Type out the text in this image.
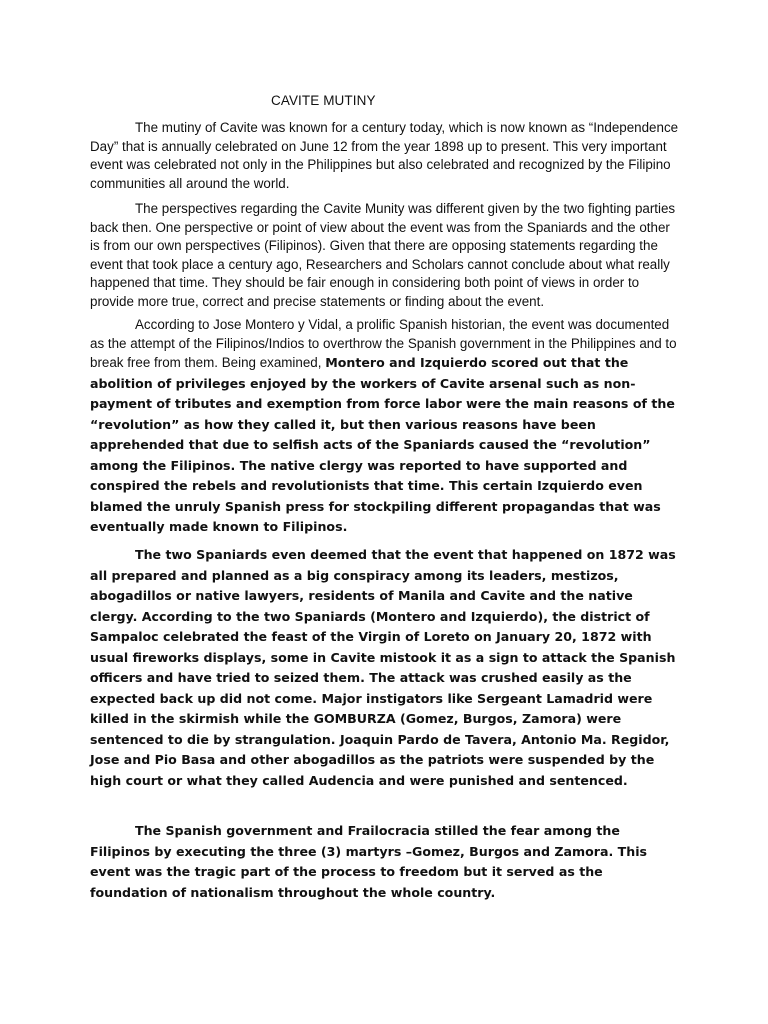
CAVITE MUTINY

The mutiny of Cavite was known for a century today, which is now known as “Independence Day” that is annually celebrated on June 12 from the year 1898 up to present. This very important event was celebrated not only in the Philippines but also celebrated and recognized by the Filipino communities all around the world.

The perspectives regarding the Cavite Munity was different given by the two fighting parties back then. One perspective or point of view about the event was from the Spaniards and the other is from our own perspectives (Filipinos). Given that there are opposing statements regarding the event that took place a century ago, Researchers and Scholars cannot conclude about what really happened that time. They should be fair enough in considering both point of views in order to provide more true, correct and precise statements or finding about the event.

According to Jose Montero y Vidal, a prolific Spanish historian, the event was documented as the attempt of the Filipinos/Indios to overthrow the Spanish government in the Philippines and to break free from them. Being examined, Montero and Izquierdo scored out that the abolition of privileges enjoyed by the workers of Cavite arsenal such as non-payment of tributes and exemption from force labor were the main reasons of the “revolution” as how they called it, but then various reasons have been apprehended that due to selfish acts of the Spaniards caused the “revolution” among the Filipinos. The native clergy was reported to have supported and conspired the rebels and revolutionists that time. This certain Izquierdo even blamed the unruly Spanish press for stockpiling different propagandas that was eventually made known to Filipinos.

The two Spaniards even deemed that the event that happened on 1872 was all prepared and planned as a big conspiracy among its leaders, mestizos, abogadillos or native lawyers, residents of Manila and Cavite and the native clergy. According to the two Spaniards (Montero and Izquierdo), the district of Sampaloc celebrated the feast of the Virgin of Loreto on January 20, 1872 with usual fireworks displays, some in Cavite mistook it as a sign to attack the Spanish officers and have tried to seized them. The attack was crushed easily as the expected back up did not come. Major instigators like Sergeant Lamadrid were killed in the skirmish while the GOMBURZA (Gomez, Burgos, Zamora) were sentenced to die by strangulation. Joaquin Pardo de Tavera, Antonio Ma. Regidor, Jose and Pio Basa and other abogadillos as the patriots were suspended by the high court or what they called Audencia and were punished and sentenced.

The Spanish government and Frailocracia stilled the fear among the Filipinos by executing the three (3) martyrs –Gomez, Burgos and Zamora. This event was the tragic part of the process to freedom but it served as the foundation of nationalism throughout the whole country.
